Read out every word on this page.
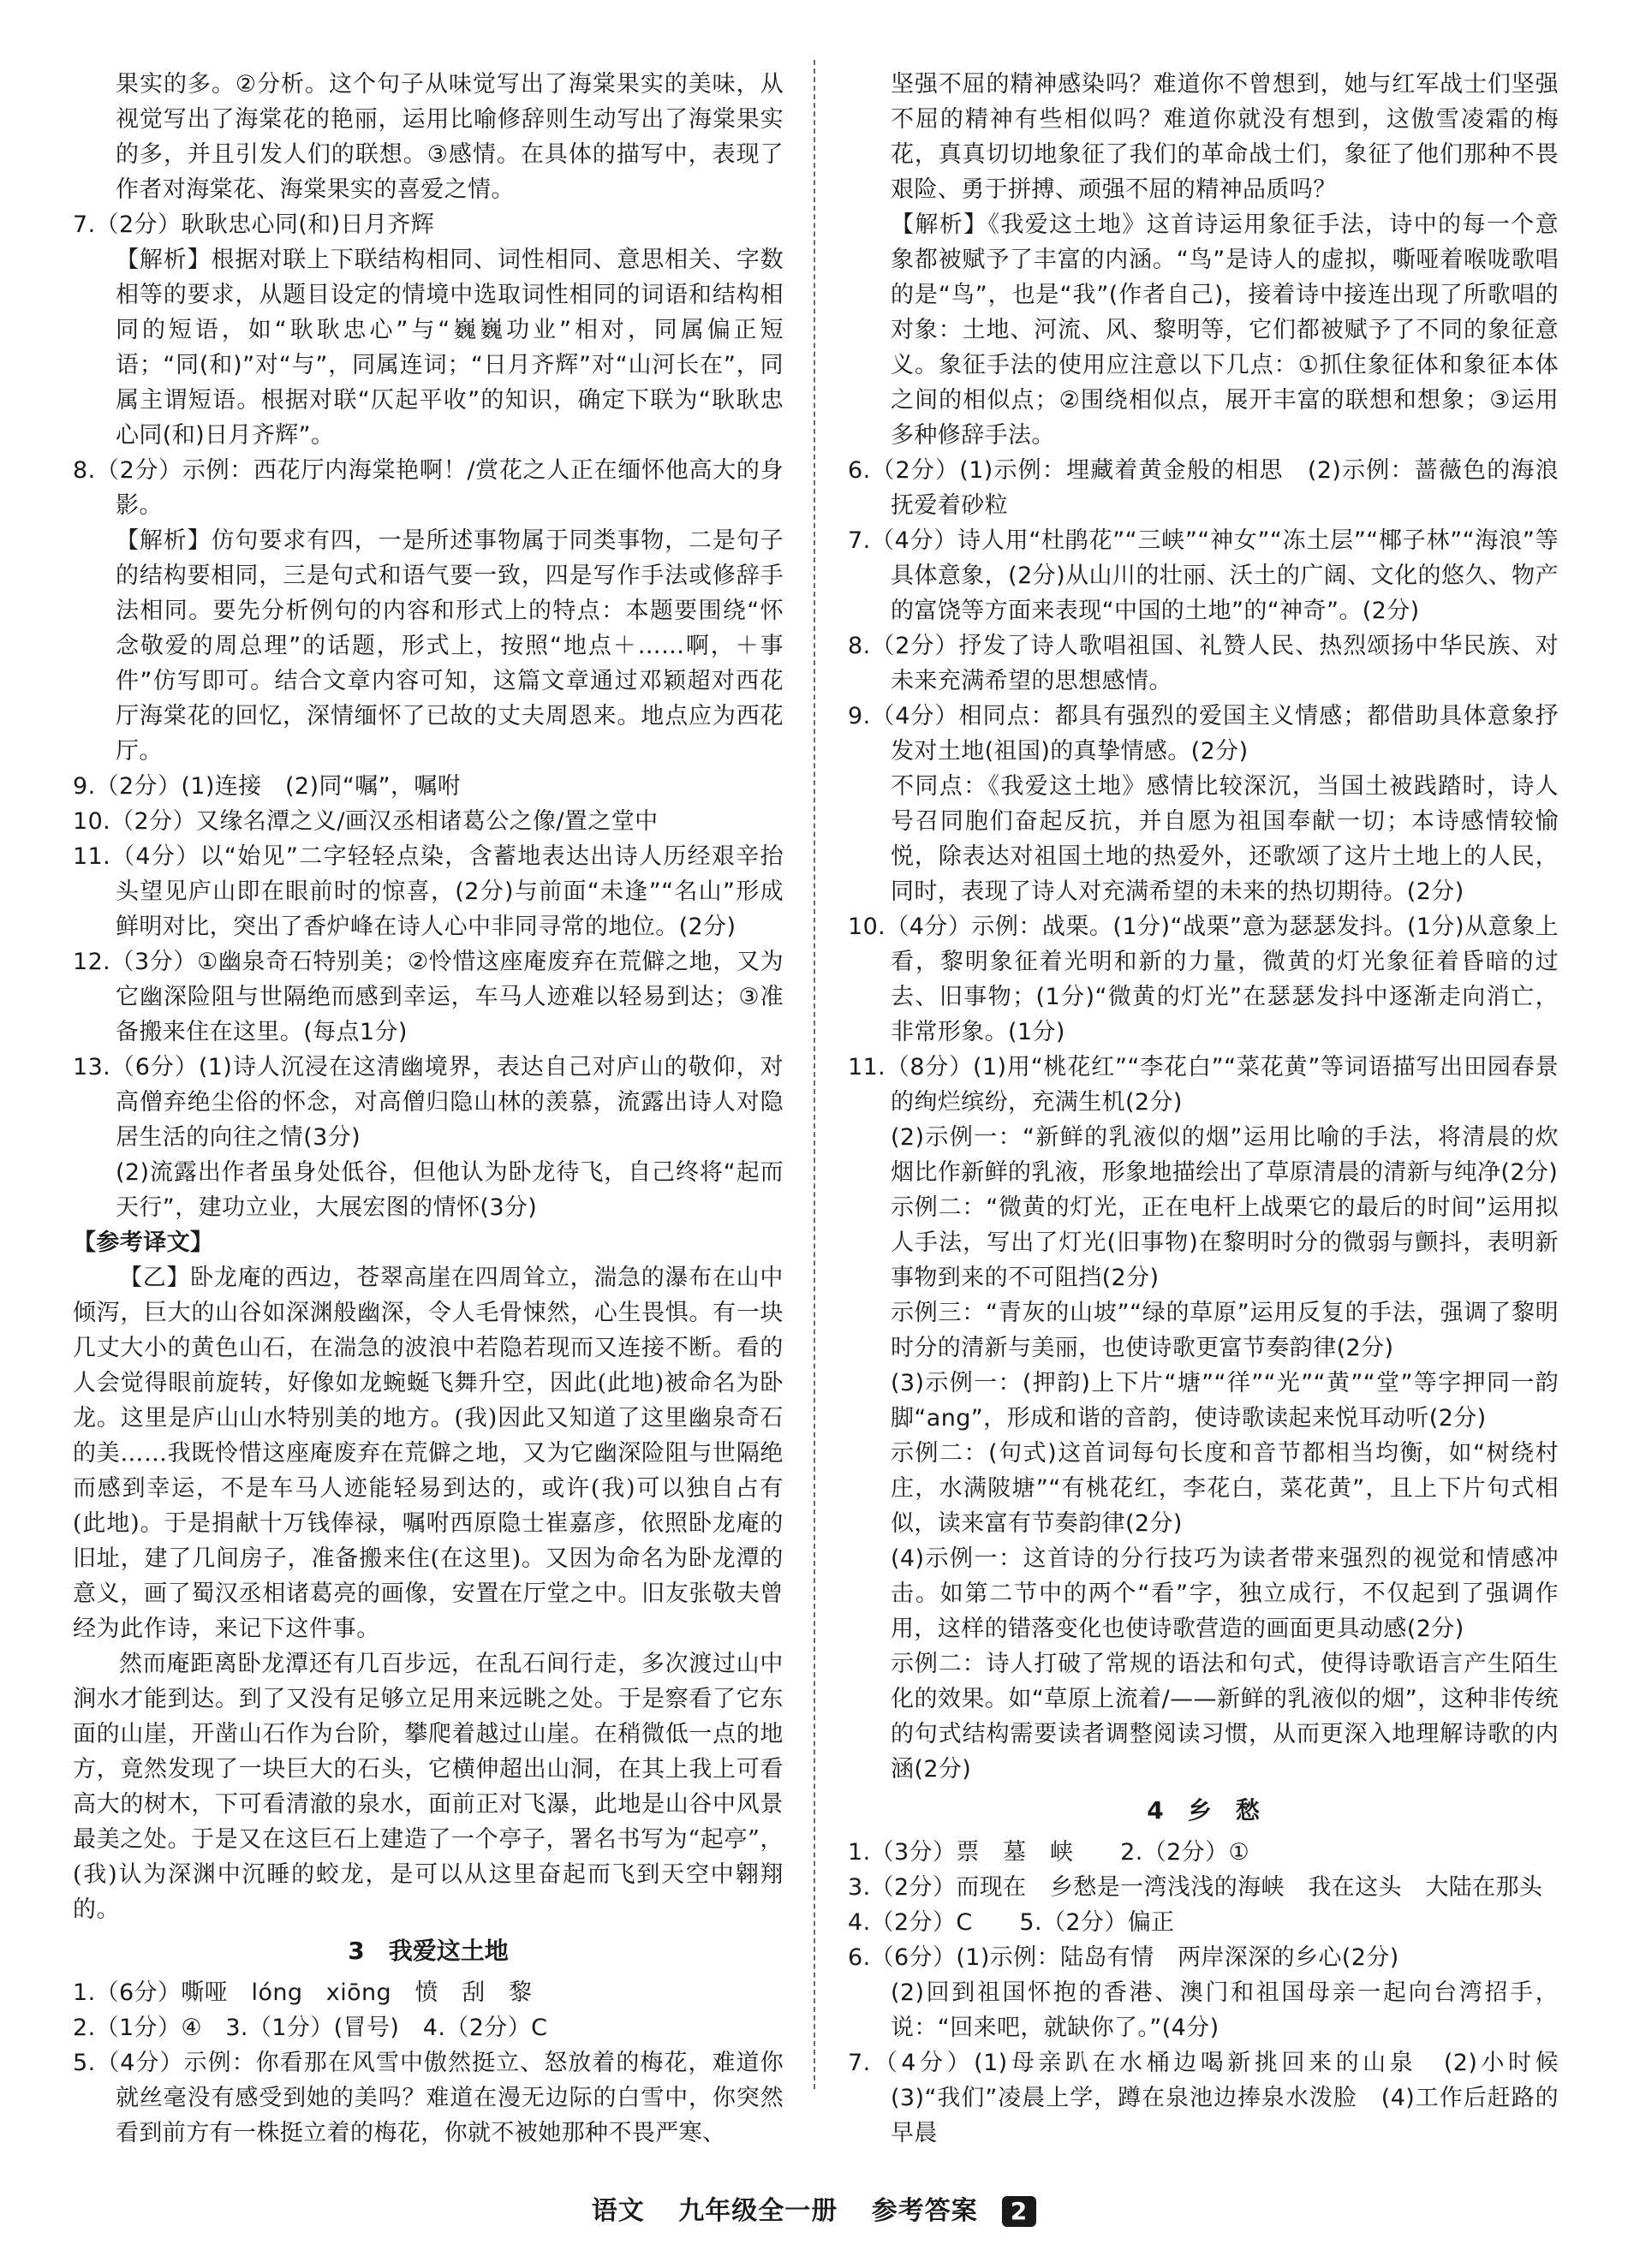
果实的多。②分析。这个句子从味觉写出了海棠果实的美味，从视觉写出了海棠花的艳丽，运用比喻修辞则生动写出了海棠果实的多，并且引发人们的联想。③感情。在具体的描写中，表现了作者对海棠花、海棠果实的喜爱之情。

7.（2分）耿耿忠心同(和)日月齐辉

【解析】根据对联上下联结构相同、词性相同、意思相关、字数相等的要求，从题目设定的情境中选取词性相同的词语和结构相同的短语，如“耿耿忠心”与“巍巍功业”相对，同属偏正短语；“同(和)”对“与”，同属连词；“日月齐辉”对“山河长在”，同属主谓短语。根据对联“仄起平收”的知识，确定下联为“耿耿忠心同(和)日月齐辉”。

8.（2分）示例：西花厅内海棠艳啊！/赏花之人正在缅怀他高大的身影。

【解析】仿句要求有四，一是所述事物属于同类事物，二是句子的结构要相同，三是句式和语气要一致，四是写作手法或修辞手法相同。要先分析例句的内容和形式上的特点：本题要围绕“怀念敬爱的周总理”的话题，形式上，按照“地点＋……啊，＋事件”仿写即可。结合文章内容可知，这篇文章通过邓颖超对西花厅海棠花的回忆，深情缅怀了已故的丈夫周恩来。地点应为西花厅。

9.（2分）(1)连接　(2)同“嘱”，嘱咐

10.（2分）又缘名潭之义/画汉丞相诸葛公之像/置之堂中

11.（4分）以“始见”二字轻轻点染，含蓄地表达出诗人历经艰辛抬头望见庐山即在眼前时的惊喜，(2分)与前面“未逢”“名山”形成鲜明对比，突出了香炉峰在诗人心中非同寻常的地位。(2分)

12.（3分）①幽泉奇石特别美；②怜惜这座庵废弃在荒僻之地，又为它幽深险阻与世隔绝而感到幸运，车马人迹难以轻易到达；③准备搬来住在这里。(每点1分)

13.（6分）(1)诗人沉浸在这清幽境界，表达自己对庐山的敬仰，对高僧弃绝尘俗的怀念，对高僧归隐山林的羡慕，流露出诗人对隐居生活的向往之情(3分)

(2)流露出作者虽身处低谷，但他认为卧龙待飞，自己终将“起而天行”，建功立业，大展宏图的情怀(3分)

【参考译文】

【乙】卧龙庵的西边，苍翠高崖在四周耸立，湍急的瀑布在山中倾泻，巨大的山谷如深渊般幽深，令人毛骨悚然，心生畏惧。有一块几丈大小的黄色山石，在湍急的波浪中若隐若现而又连接不断。看的人会觉得眼前旋转，好像如龙蜿蜒飞舞升空，因此(此地)被命名为卧龙。这里是庐山山水特别美的地方。(我)因此又知道了这里幽泉奇石的美……我既怜惜这座庵废弃在荒僻之地，又为它幽深险阻与世隔绝而感到幸运，不是车马人迹能轻易到达的，或许(我)可以独自占有(此地)。于是捐献十万钱俸禄，嘱咐西原隐士崔嘉彦，依照卧龙庵的旧址，建了几间房子，准备搬来住(在这里)。又因为命名为卧龙潭的意义，画了蜀汉丞相诸葛亮的画像，安置在厅堂之中。旧友张敬夫曾经为此作诗，来记下这件事。

然而庵距离卧龙潭还有几百步远，在乱石间行走，多次渡过山中涧水才能到达。到了又没有足够立足用来远眺之处。于是察看了它东面的山崖，开凿山石作为台阶，攀爬着越过山崖。在稍微低一点的地方，竟然发现了一块巨大的石头，它横伸超出山洞，在其上我上可看高大的树木，下可看清澈的泉水，面前正对飞瀑，此地是山谷中风景最美之处。于是又在这巨石上建造了一个亭子，署名书写为“起亭”，(我)认为深渊中沉睡的蛟龙，是可以从这里奋起而飞到天空中翱翔的。

3　我爱这土地

1.（6分）嘶哑　lóng　xiōng　愤　刮　黎

2.（1分）④　3.（1分）(冒号)　4.（2分）C

5.（4分）示例：你看那在风雪中傲然挺立、怒放着的梅花，难道你就丝毫没有感受到她的美吗？难道在漫无边际的白雪中，你突然看到前方有一株挺立着的梅花，你就不被她那种不畏严寒、

坚强不屈的精神感染吗？难道你不曾想到，她与红军战士们坚强不屈的精神有些相似吗？难道你就没有想到，这傲雪凌霜的梅花，真真切切地象征了我们的革命战士们，象征了他们那种不畏艰险、勇于拼搏、顽强不屈的精神品质吗？

【解析】《我爱这土地》这首诗运用象征手法，诗中的每一个意象都被赋予了丰富的内涵。“鸟”是诗人的虚拟，嘶哑着喉咙歌唱的是“鸟”，也是“我”(作者自己)，接着诗中接连出现了所歌唱的对象：土地、河流、风、黎明等，它们都被赋予了不同的象征意义。象征手法的使用应注意以下几点：①抓住象征体和象征本体之间的相似点；②围绕相似点，展开丰富的联想和想象；③运用多种修辞手法。

6.（2分）(1)示例：埋藏着黄金般的相思　(2)示例：蔷薇色的海浪抚爱着砂粒

7.（4分）诗人用“杜鹃花”“三峡”“神女”“冻土层”“椰子林”“海浪”等具体意象，(2分)从山川的壮丽、沃土的广阔、文化的悠久、物产的富饶等方面来表现“中国的土地”的“神奇”。(2分)

8.（2分）抒发了诗人歌唱祖国、礼赞人民、热烈颂扬中华民族、对未来充满希望的思想感情。

9.（4分）相同点：都具有强烈的爱国主义情感；都借助具体意象抒发对土地(祖国)的真挚情感。(2分)

不同点：《我爱这土地》感情比较深沉，当国土被践踏时，诗人号召同胞们奋起反抗，并自愿为祖国奉献一切；本诗感情较愉悦，除表达对祖国土地的热爱外，还歌颂了这片土地上的人民，同时，表现了诗人对充满希望的未来的热切期待。(2分)

10.（4分）示例：战栗。(1分)“战栗”意为瑟瑟发抖。(1分)从意象上看，黎明象征着光明和新的力量，微黄的灯光象征着昏暗的过去、旧事物；(1分)“微黄的灯光”在瑟瑟发抖中逐渐走向消亡，非常形象。(1分)

11.（8分）(1)用“桃花红”“李花白”“菜花黄”等词语描写出田园春景的绚烂缤纷，充满生机(2分)

(2)示例一：“新鲜的乳液似的烟”运用比喻的手法，将清晨的炊烟比作新鲜的乳液，形象地描绘出了草原清晨的清新与纯净(2分)

示例二：“微黄的灯光，正在电杆上战栗它的最后的时间”运用拟人手法，写出了灯光(旧事物)在黎明时分的微弱与颤抖，表明新事物到来的不可阻挡(2分)

示例三：“青灰的山坡”“绿的草原”运用反复的手法，强调了黎明时分的清新与美丽，也使诗歌更富节奏韵律(2分)

(3)示例一：(押韵)上下片“塘”“徉”“光”“黄”“堂”等字押同一韵脚“ang”，形成和谐的音韵，使诗歌读起来悦耳动听(2分)

示例二：(句式)这首词每句长度和音节都相当均衡，如“树绕村庄，水满陂塘”“有桃花红，李花白，菜花黄”，且上下片句式相似，读来富有节奏韵律(2分)

(4)示例一：这首诗的分行技巧为读者带来强烈的视觉和情感冲击。如第二节中的两个“看”字，独立成行，不仅起到了强调作用，这样的错落变化也使诗歌营造的画面更具动感(2分)

示例二：诗人打破了常规的语法和句式，使得诗歌语言产生陌生化的效果。如“草原上流着/——新鲜的乳液似的烟”，这种非传统的句式结构需要读者调整阅读习惯，从而更深入地理解诗歌的内涵(2分)

4　乡　愁

1.（3分）票　墓　峡　　2.（2分）①

3.（2分）而现在　乡愁是一湾浅浅的海峡　我在这头　大陆在那头

4.（2分）C　　5.（2分）偏正

6.（6分）(1)示例：陆岛有情　两岸深深的乡心(2分)

(2)回到祖国怀抱的香港、澳门和祖国母亲一起向台湾招手，说：“回来吧，就缺你了。”(4分)

7.（4分）(1)母亲趴在水桶边喝新挑回来的山泉　(2)小时候　(3)“我们”凌晨上学，蹲在泉池边捧泉水泼脸　(4)工作后赶路的早晨

语文 九年级全一册 参考答案 2
